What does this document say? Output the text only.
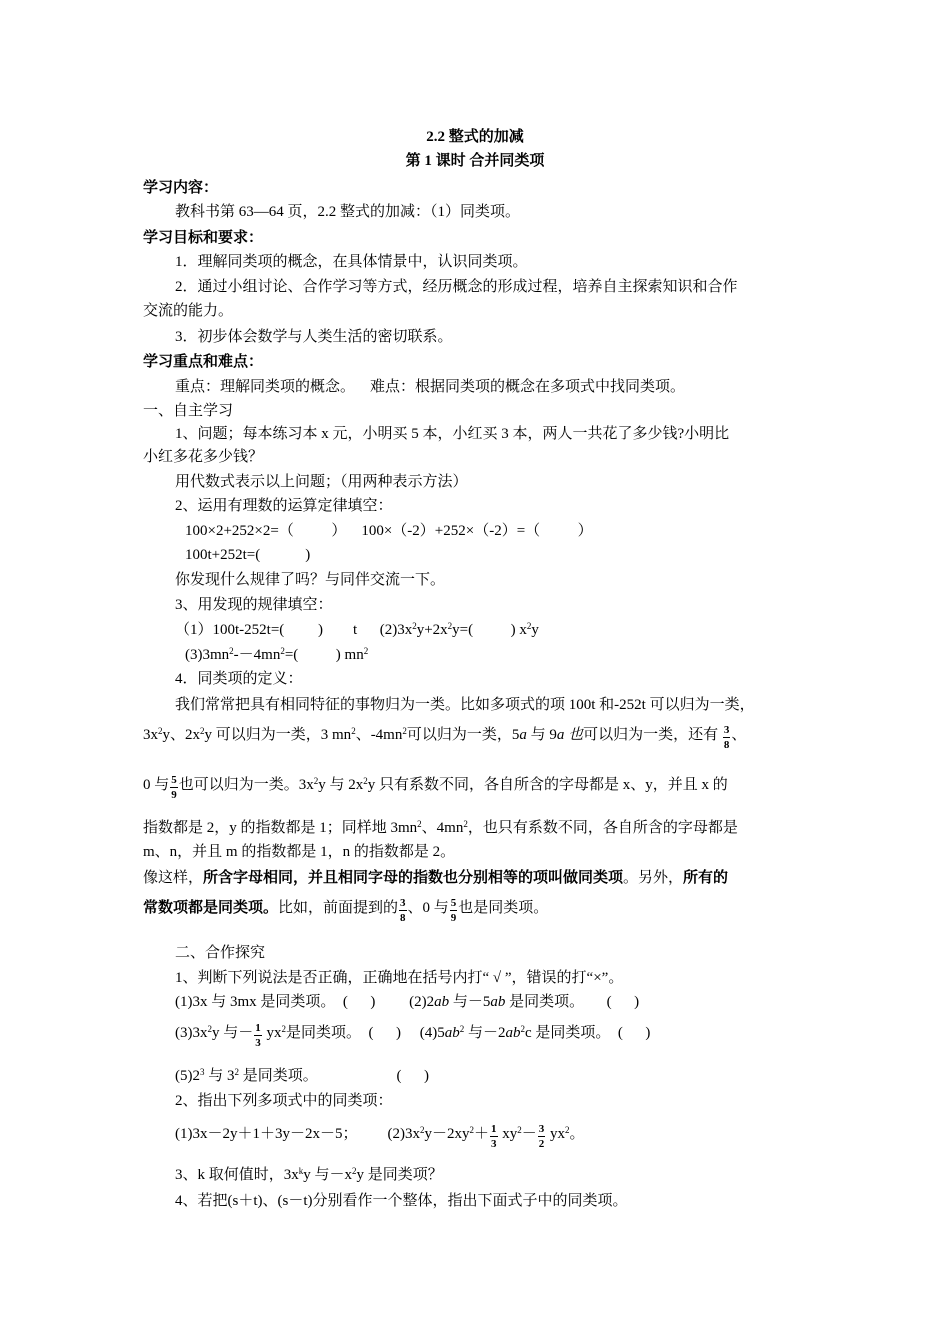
2.2 整式的加减
第 1 课时 合并同类项
学习内容：
教科书第 63—64 页，2.2 整式的加减：（1）同类项。
学习目标和要求：
1．理解同类项的概念，在具体情景中，认识同类项。
2．通过小组讨论、合作学习等方式，经历概念的形成过程，培养自主探索知识和合作
交流的能力。
3．初步体会数学与人类生活的密切联系。
学习重点和难点：
重点：理解同类项的概念。    难点：根据同类项的概念在多项式中找同类项。
一、自主学习
1、问题；每本练习本 x 元，小明买 5 本，小红买 3 本，两人一共花了多少钱?小明比
小红多花多少钱？
用代数式表示以上问题；（用两种表示方法）
2、运用有理数的运算定律填空：
100×2+252×2=（          ）    100×（-2）+252×（-2）=（          ）
100t+252t=(            )
你发现什么规律了吗？与同伴交流一下。
3、用发现的规律填空：
（1）100t-252t=(         )        t      $(2)3x^2y+2x^2y=$(          ) $x^2y$
$(3)3mn^2--4mn^2=$(          ) $mn^2$
4．同类项的定义：
我们常常把具有相同特征的事物归为一类。比如多项式的项 100t 和-252t 可以归为一类，
$3x^2y$、$2x^2y$ 可以归为一类，3 $mn^2$、$-4mn^2$可以归为一类，5a 与 9a 也可以归为一类，还有 $\frac{3}{8}$ 、
0 与 $\frac{5}{9}$ 也可以归为一类。$3x^2y$ 与 $2x^2y$ 只有系数不同，各自所含的字母都是 x、y，并且 x 的
指数都是 2，y 的指数都是 1；同样地 $3mn^2$、$4mn^2$，也只有系数不同，各自所含的字母都是
m、n，并且 m 的指数都是 1，n 的指数都是 2。
像这样，所含字母相同，并且相同字母的指数也分别相等的项叫做同类项。另外，所有的
常数项都是同类项。比如，前面提到的 $\frac{3}{8}$ 、0 与 $\frac{5}{9}$ 也是同类项。
二、合作探究
1、判断下列说法是否正确，正确地在括号内打“ √ ”，错误的打“×”。
(1)3x 与 3mx 是同类项。  (      )         (2)2ab 与－5ab 是同类项。      (      )
$(3)3x^2y$ 与－ $\frac{1}{3} yx^2$是同类项。  (      )     $(4)5ab^2$ 与$-2ab^2c$ 是同类项。  (      )
$(5)2^3$ 与 $3^2$ 是同类项。                     (      )
2、指出下列多项式中的同类项：
(1)3x－2y＋1＋3y－2x－5；        $(2)3x^2y-2xy^2+ \frac{1}{3} xy^2- \frac{3}{2} yx^2$。
3、k 取何值时，$3x^ky$ 与$-x^2y$ 是同类项？
4、若把(s＋t)、(s－t)分别看作一个整体，指出下面式子中的同类项。
